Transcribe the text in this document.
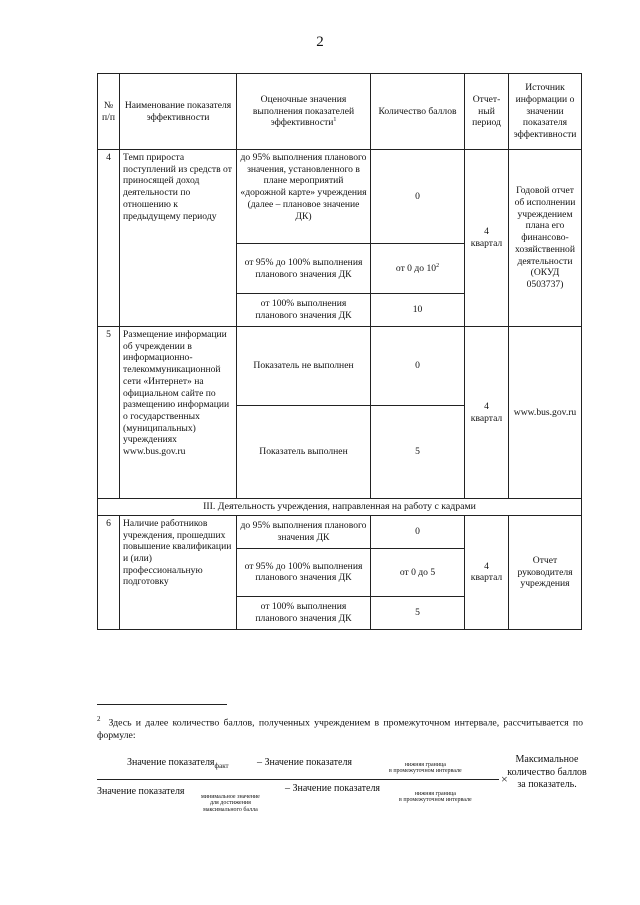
2
№ п/п	Наименование показателя эффективности	Оценочные значения выполнения показателей эффективности$^1$	Количество баллов	Отчет-ный период	Источник информации о значении показателя эффективности
4	Темп прироста поступлений из средств от приносящей доход деятельности по отношению к предыдущему периоду	до 95% выполнения планового значения, установленного в плане мероприятий «дорожной карте» учреждения (далее – плановое значение ДК)	0	4 квартал	Годовой отчет об исполнении учреждением плана его финансово-хозяйственной деятельности (ОКУД 0503737)
		от 95% до 100% выполнения планового значения ДК	от 0 до $10^2$
		от 100% выполнения планового значения ДК	10		
5	Размещение информации об учреждении в информационно-телекоммуникационной сети «Интернет» на официальном сайте по размещению информации о государственных (муниципальных) учреждениях www.bus.gov.ru	Показатель не выполнен	0	4 квартал	www.bus.gov.ru
		Показатель выполнен	5		
III. Деятельность учреждения, направленная на работу с кадрами					
6	Наличие работников учреждения, прошедших повышение квалификации и (или) профессиональную подготовку	до 95% выполнения планового значения ДК	0	4 квартал	Отчет руководителя учреждения
		от 95% до 100% выполнения планового значения ДК	от 0 до 5		
		от 100% выполнения планового значения ДК	5		
$^2$ Здесь и далее количество баллов, полученных учреждением в промежуточном интервале, рассчитывается по формуле:
Значение показателя$_{факт}$	– Значение показателя	нижняя граница
в промежуточном интервале
×
Значение показателя	минимальное значение
для достижения
максимального балла
– Значение показателя	нижняя граница
в промежуточном интервале
Максимальное количество баллов за показатель.
